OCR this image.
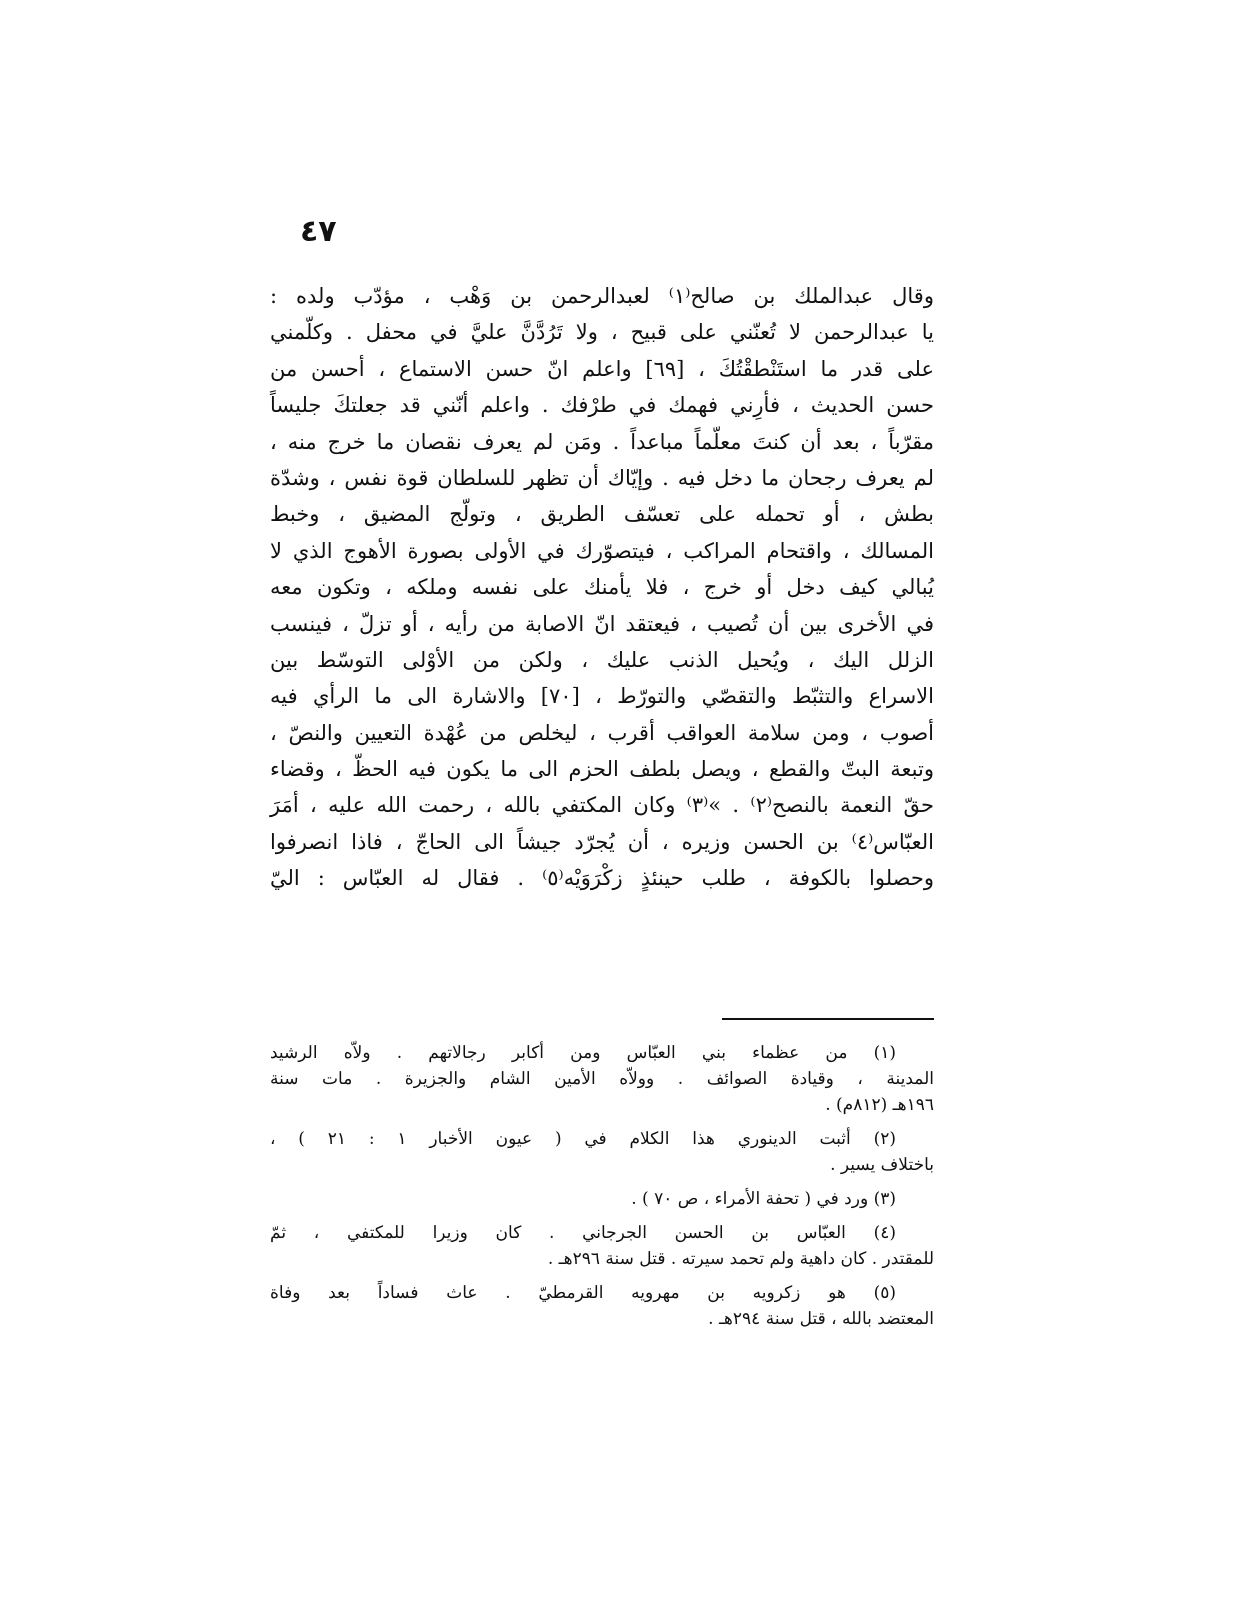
٤٧
وقال عبدالملك بن صالح⁽١⁾ لعبدالرحمن بن وَهْب ، مؤدّب ولده :
يا عبدالرحمن لا تُعنّني على قبيح ، ولا تَرُدَّنَّ عليَّ في محفل . وكلّمني
على قدر ما استَنْطقْتُكَ ، [٦٩] واعلم انّ حسن الاستماع ، أحسن من
حسن الحديث ، فأرِني فهمك في طرْفك . واعلم أنّني قد جعلتكَ جليساً
مقرّباً ، بعد أن كنتَ معلّماً مباعداً . ومَن لم يعرف نقصان ما خرج منه ،
لم يعرف رجحان ما دخل فيه . وإيّاك أن تظهر للسلطان قوة نفس ، وشدّة
بطش ، أو تحمله على تعسّف الطريق ، وتولّج المضيق ، وخبط
المسالك ، واقتحام المراكب ، فيتصوّرك في الأولى بصورة الأهوج الذي لا
يُبالي كيف دخل أو خرج ، فلا يأمنك على نفسه وملكه ، وتكون معه
في الأخرى بين أن تُصيب ، فيعتقد انّ الاصابة من رأيه ، أو تزلّ ، فينسب
الزلل اليك ، ويُحيل الذنب عليك ، ولكن من الأوْلى التوسّط بين
الاسراع والتثبّط والتقصّي والتورّط ، [٧٠] والاشارة الى ما الرأي فيه
أصوب ، ومن سلامة العواقب أقرب ، ليخلص من عُهْدة التعيين والنصّ ،
وتبعة البتّ والقطع ، ويصل بلطف الحزم الى ما يكون فيه الحظّ ، وقضاء
حقّ النعمة بالنصح⁽٢⁾ . »⁽٣⁾ وكان المكتفي بالله ، رحمت الله عليه ، أمَرَ
العبّاس⁽٤⁾ بن الحسن وزيره ، أن يُجرّد جيشاً الى الحاجّ ، فاذا انصرفوا
وحصلوا بالكوفة ، طلب حينئذٍ زكْرَوَيْه⁽٥⁾ . فقال له العبّاس : اليّ
(١) من عظماء بني العبّاس ومن أكابر رجالاتهم . ولاّه الرشيد
المدينة ، وقيادة الصوائف . وولاّه الأمين الشام والجزيرة . مات سنة
١٩٦هـ (٨١٢م) .
(٢) أثبت الدينوري هذا الكلام في ( عيون الأخبار ١ : ٢١ ) ،
باختلاف يسير .
(٣) ورد في ( تحفة الأمراء ، ص ٧٠ ) .
(٤) العبّاس بن الحسن الجرجاني . كان وزيرا للمكتفي ، ثمّ
للمقتدر . كان داهية ولم تحمد سيرته . قتل سنة ٢٩٦هـ .
(٥) هو زكرويه بن مهرويه القرمطيّ . عاث فساداً بعد وفاة
المعتضد بالله ، قتل سنة ٢٩٤هـ .
